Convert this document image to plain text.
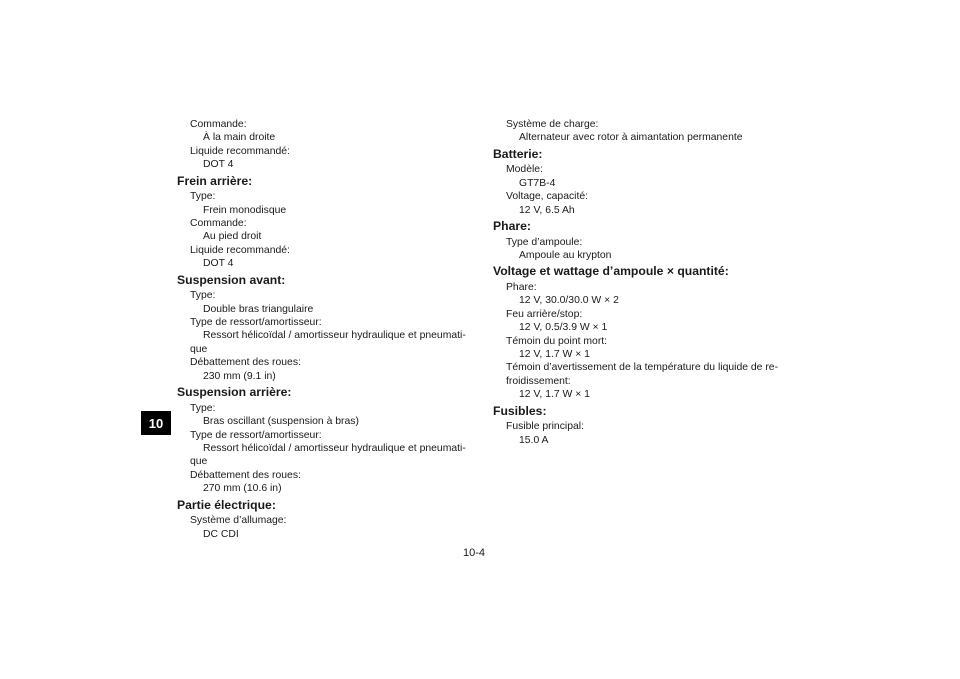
10
Commande:
À la main droite
Liquide recommandé:
DOT 4
Frein arrière:
Type:
Frein monodisque
Commande:
Au pied droit
Liquide recommandé:
DOT 4
Suspension avant:
Type:
Double bras triangulaire
Type de ressort/amortisseur:
Ressort hélicoïdal / amortisseur hydraulique et pneumati-
que
Débattement des roues:
230 mm (9.1 in)
Suspension arrière:
Type:
Bras oscillant (suspension à bras)
Type de ressort/amortisseur:
Ressort hélicoïdal / amortisseur hydraulique et pneumati-
que
Débattement des roues:
270 mm (10.6 in)
Partie électrique:
Système d’allumage:
DC CDI
Système de charge:
Alternateur avec rotor à aimantation permanente
Batterie:
Modèle:
GT7B-4
Voltage, capacité:
12 V, 6.5 Ah
Phare:
Type d’ampoule:
Ampoule au krypton
Voltage et wattage d’ampoule × quantité:
Phare:
12 V, 30.0/30.0 W × 2
Feu arrière/stop:
12 V, 0.5/3.9 W × 1
Témoin du point mort:
12 V, 1.7 W × 1
Témoin d’avertissement de la température du liquide de re-
froidissement:
12 V, 1.7 W × 1
Fusibles:
Fusible principal:
15.0 A
10-4
